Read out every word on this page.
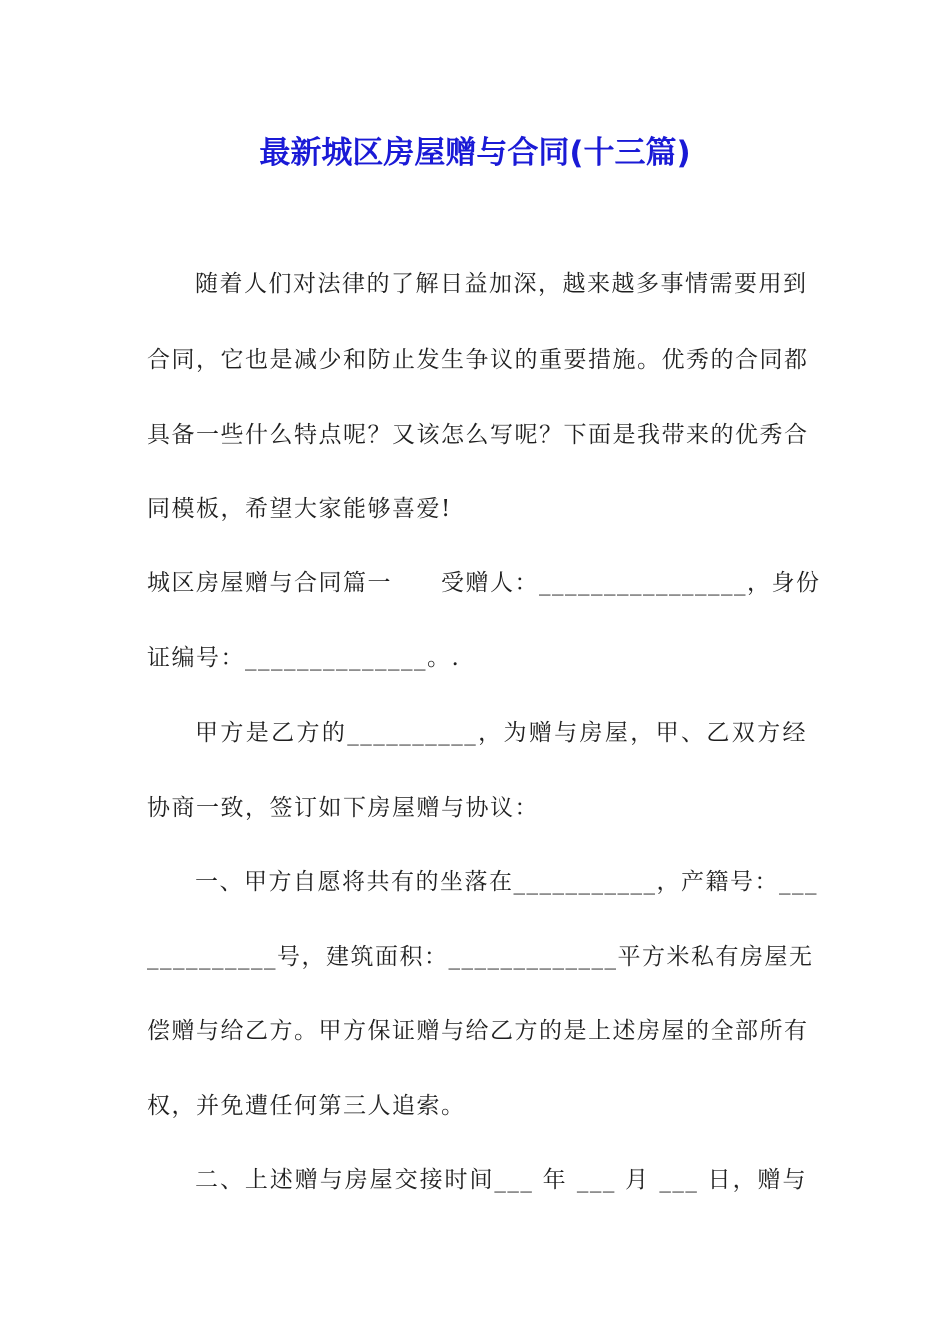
最新城区房屋赠与合同(十三篇)
随着人们对法律的了解日益加深，越来越多事情需要用到
合同，它也是减少和防止发生争议的重要措施。优秀的合同都
具备一些什么特点呢？又该怎么写呢？下面是我带来的优秀合
同模板，希望大家能够喜爱!
城区房屋赠与合同篇一　　受赠人：________________，身份
证编号：______________。.
甲方是乙方的__________，为赠与房屋，甲、乙双方经
协商一致，签订如下房屋赠与协议：
一、甲方自愿将共有的坐落在___________，产籍号：___
__________号，建筑面积：_____________平方米私有房屋无
偿赠与给乙方。甲方保证赠与给乙方的是上述房屋的全部所有
权，并免遭任何第三人追索。
二、上述赠与房屋交接时间___ 年 ___ 月 ___ 日，赠与
